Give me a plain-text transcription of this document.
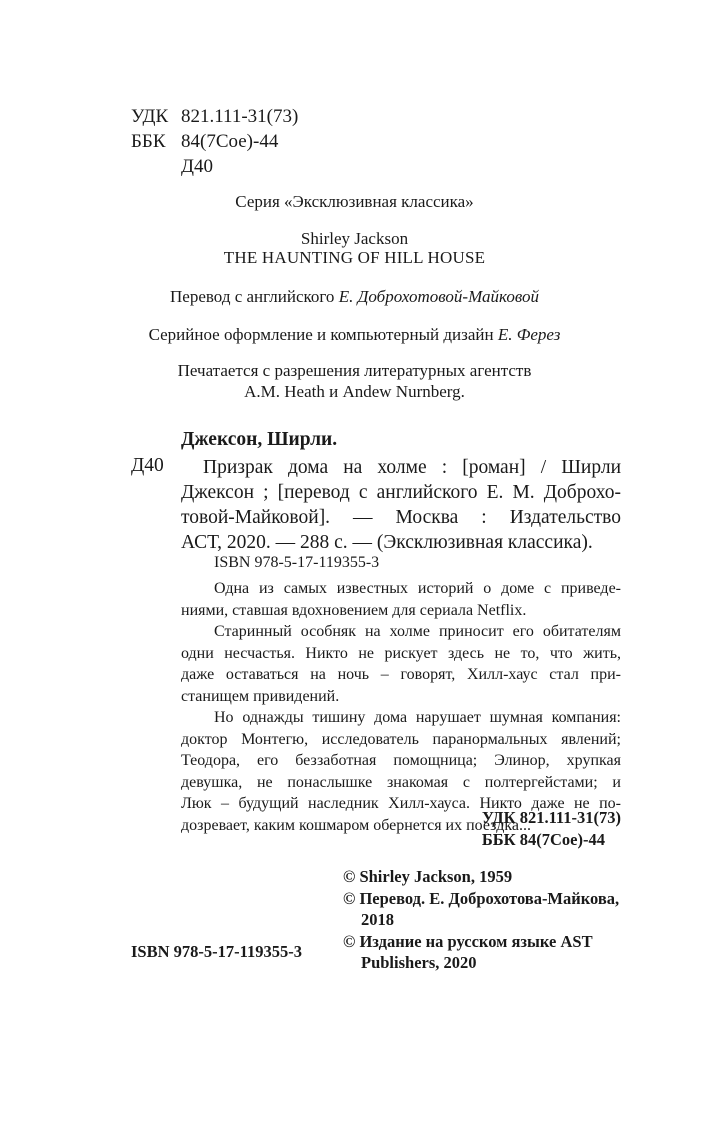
УДК 821.111-31(73)
ББК 84(7Сое)-44
Д40
Серия «Эксклюзивная классика»
Shirley Jackson
THE HAUNTING OF HILL HOUSE
Перевод с английского Е. Доброхотовой-Майковой
Серийное оформление и компьютерный дизайн Е. Ферез
Печатается с разрешения литературных агентств
A.M. Heath и Andew Nurnberg.
Джексон, Ширли.
Д40	Призрак дома на холме : [роман] / Ширли
Джексон ; [перевод с английского Е. М. Доброхо-
товой-Майковой]. — Москва : Издательство
АСТ, 2020. — 288 с. — (Эксклюзивная классика).
ISBN 978-5-17-119355-3
Одна из самых известных историй о доме с приведе-
ниями, ставшая вдохновением для сериала Netflix.
Старинный особняк на холме приносит его обитателям
одни несчастья. Никто не рискует здесь не то, что жить,
даже оставаться на ночь – говорят, Хилл-хаус стал при-
станищем привидений.
Но однажды тишину дома нарушает шумная компания:
доктор Монтегю, исследователь паранормальных явлений;
Теодора, его беззаботная помощница; Элинор, хрупкая
девушка, не понаслышке знакомая с полтергейстами; и
Люк – будущий наследник Хилл-хауса. Никто даже не по-
дозревает, каким кошмаром обернется их поездка...
УДК 821.111-31(73)
ББК 84(7Сое)-44
© Shirley Jackson, 1959
© Перевод. Е. Доброхотова-Майкова,
2018
© Издание на русском языке AST
Publishers, 2020
ISBN 978-5-17-119355-3
